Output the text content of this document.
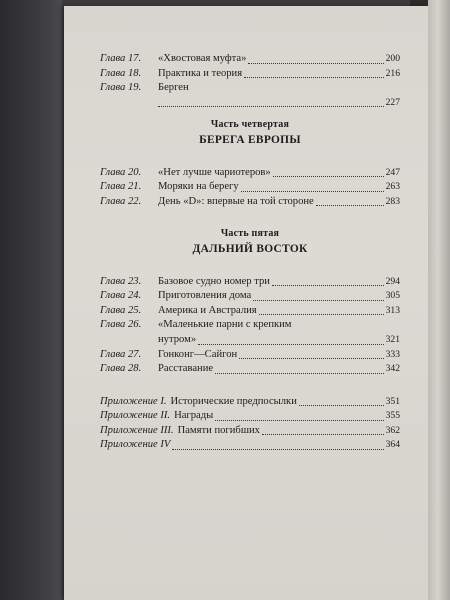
Глава 17.	«Хвостовая муфта»	200
Глава 18.	Практика и теория	216
Глава 19.	Берген
227
Часть четвертая
БЕРЕГА ЕВРОПЫ
Глава 20.	«Нет лучше чариотеров»	247
Глава 21.	Моряки на берегу	263
Глава 22.	День «D»: впервые на той стороне	283
Часть пятая
ДАЛЬНИЙ ВОСТОК
Глава 23.	Базовое судно номер три	294
Глава 24.	Приготовления дома	305
Глава 25.	Америка и Австралия	313
Глава 26.	«Маленькие парни с крепким
нутром»	321
Глава 27.	Гонконг—Сайгон	333
Глава 28.	Расставание	342
Приложение I. Исторические предпосылки	351
Приложение II. Награды	355
Приложение III. Памяти погибших	362
Приложение IV	364
